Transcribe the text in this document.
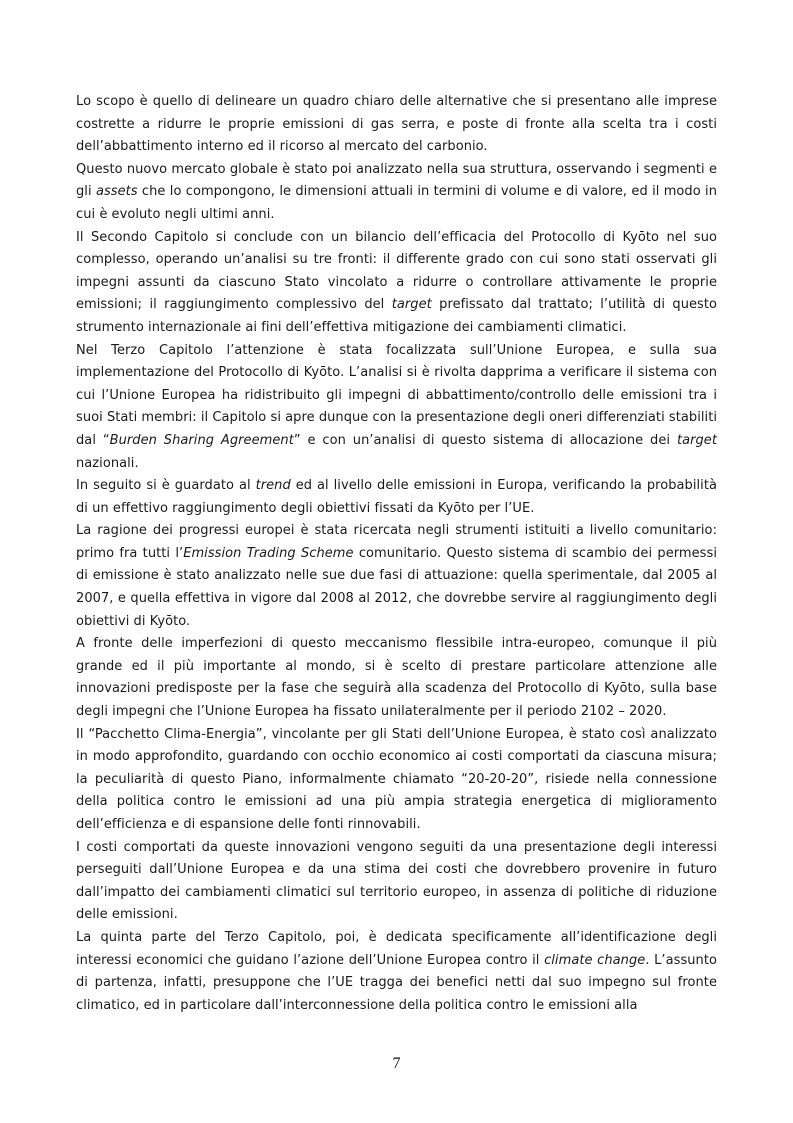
Lo scopo è quello di delineare un quadro chiaro delle alternative che si presentano alle imprese costrette a ridurre le proprie emissioni di gas serra, e poste di fronte alla scelta tra i costi dell’abbattimento interno ed il ricorso al mercato del carbonio.

Questo nuovo mercato globale è stato poi analizzato nella sua struttura, osservando i segmenti e gli assets che lo compongono, le dimensioni attuali in termini di volume e di valore, ed il modo in cui è evoluto negli ultimi anni.

Il Secondo Capitolo si conclude con un bilancio dell’efficacia del Protocollo di Kyōto nel suo complesso, operando un’analisi su tre fronti: il differente grado con cui sono stati osservati gli impegni assunti da ciascuno Stato vincolato a ridurre o controllare attivamente le proprie emissioni; il raggiungimento complessivo del target prefissato dal trattato; l’utilità di questo strumento internazionale ai fini dell’effettiva mitigazione dei cambiamenti climatici.

Nel Terzo Capitolo l’attenzione è stata focalizzata sull’Unione Europea, e sulla sua implementazione del Protocollo di Kyōto. L’analisi si è rivolta dapprima a verificare il sistema con cui l’Unione Europea ha ridistribuito gli impegni di abbattimento/controllo delle emissioni tra i suoi Stati membri: il Capitolo si apre dunque con la presentazione degli oneri differenziati stabiliti dal “Burden Sharing Agreement” e con un’analisi di questo sistema di allocazione dei target nazionali.

In seguito si è guardato al trend ed al livello delle emissioni in Europa, verificando la probabilità di un effettivo raggiungimento degli obiettivi fissati da Kyōto per l’UE.

La ragione dei progressi europei è stata ricercata negli strumenti istituiti a livello comunitario: primo fra tutti l’Emission Trading Scheme comunitario. Questo sistema di scambio dei permessi di emissione è stato analizzato nelle sue due fasi di attuazione: quella sperimentale, dal 2005 al 2007, e quella effettiva in vigore dal 2008 al 2012, che dovrebbe servire al raggiungimento degli obiettivi di Kyōto.

A fronte delle imperfezioni di questo meccanismo flessibile intra-europeo, comunque il più grande ed il più importante al mondo, si è scelto di prestare particolare attenzione alle innovazioni predisposte per la fase che seguirà alla scadenza del Protocollo di Kyōto, sulla base degli impegni che l’Unione Europea ha fissato unilateralmente per il periodo 2102 – 2020.

Il “Pacchetto Clima-Energia”, vincolante per gli Stati dell’Unione Europea, è stato così analizzato in modo approfondito, guardando con occhio economico ai costi comportati da ciascuna misura; la peculiarità di questo Piano, informalmente chiamato “20-20-20”, risiede nella connessione della politica contro le emissioni ad una più ampia strategia energetica di miglioramento dell’efficienza e di espansione delle fonti rinnovabili.

I costi comportati da queste innovazioni vengono seguiti da una presentazione degli interessi perseguiti dall’Unione Europea e da una stima dei costi che dovrebbero provenire in futuro dall’impatto dei cambiamenti climatici sul territorio europeo, in assenza di politiche di riduzione delle emissioni.

La quinta parte del Terzo Capitolo, poi, è dedicata specificamente all’identificazione degli interessi economici che guidano l’azione dell’Unione Europea contro il climate change. L’assunto di partenza, infatti, presuppone che l’UE tragga dei benefici netti dal suo impegno sul fronte climatico, ed in particolare dall’interconnessione della politica contro le emissioni alla

7
